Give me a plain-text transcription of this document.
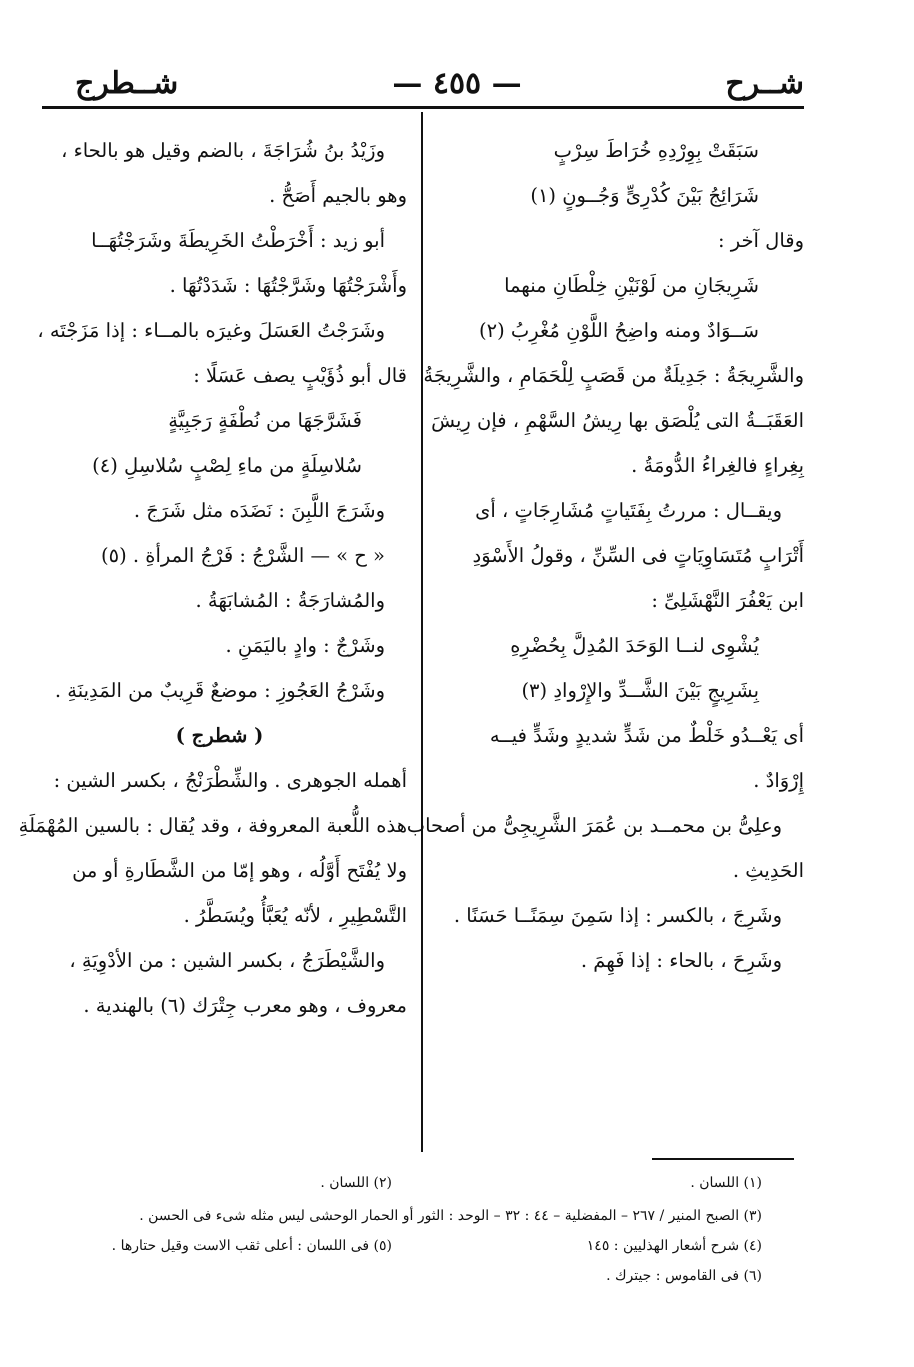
شــرح
— ٤٥٥ —
شــطرج
سَبَقَتْ بِوِرْدِهِ خُرَاطَ سِرْبٍ
شَرَائِجُ بَيْنَ كُدْرِىٍّ وَجُــونٍ (١)
وقال آخر :
شَرِيجَانِ من لَوْنَيْنِ خِلْطَانِ منهما
سَــوَادٌ ومنه واضِحُ اللَّوْنِ مُغْرِبُ (٢)
والشَّرِيجَةُ : جَدِيلَةٌ من قَصَبٍ لِلْحَمَامِ ، والشَّرِيجَةُ
العَقَبَــةُ التى يُلْصَق بها رِيشُ السَّهْمِ ، فإن رِيشَ
بِغِراءٍ فالغِراءُ الدُّومَةُ .
ويقــال : مررتُ بِفَتَياتٍ مُشَارِجَاتٍ ، أى
أَتْرَابٍ مُتَسَاوِيَاتٍ فى السِّنِّ ، وقولُ الأَسْوَدِ
ابن يَعْفُرَ النَّهْشَلِىِّ :
يُشْوِى لنــا الوَحَدَ المُدِلَّ بِحُضْرِهِ
بِشَرِيجٍ بَيْنَ الشَّــدِّ والإِرْوادِ (٣)
أى يَعْــدُو خَلْطٌ من شَدٍّ شديدٍ وشَدٍّ فيــه
إِرْوَادٌ .
وعلِىُّ بن محمــد بن عُمَرَ الشَّرِيجِىُّ من أصحاب
الحَدِيثِ .
وشَرِجَ ، بالكسر : إذا سَمِنَ سِمَنًــا حَسَنًا .
وشَرِحَ ، بالحاء : إذا فَهِمَ .
وزَيْدُ بنُ شُرَاجَةَ ، بالضم وقيل هو بالحاء ،
وهو بالجيم أَصَحُّ .
أبو زيد : أَخْرَطْتُ الخَرِيطَةَ وشَرَجْتُهَــا
وأَشْرَجْتُهَا وشَرَّجْتُهَا : شَدَدْتُهَا .
وشَرَجْتُ العَسَلَ وغيرَه بالمــاء : إذا مَزَجْتَه ،
قال أبو ذُؤَيْبٍ يصف عَسَلًا :
فَشَرَّجَهَا من نُطْفَةٍ رَجَبِيَّةٍ
سُلاسِلَةٍ من ماءِ لِصْبٍ سُلاسِلِ (٤)
وشَرَجَ اللَّبِنَ : نَضَدَه مثل شَرَجَ .
« ح » — الشَّرْجُ : فَرْجُ المرأةِ . (٥)
والمُشارَجَةُ : المُشابَهَةُ .
وشَرْجٌ : وادٍ باليَمَنِ .
وشَرْجُ العَجُوزِ : موضعٌ قَرِيبٌ من المَدِينَةِ .
( شطرج )
أهمله الجوهرى . والشِّطْرَنْجُ ، بكسر الشين :
هذه اللُّعبة المعروفة ، وقد يُقال : بالسين المُهْمَلَةِ
ولا يُفْتَح أَوَّلُه ، وهو إمّا من الشَّطَارةِ أو من
التَّسْطِيرِ ، لأنّه يُعَبَّأُ ويُسَطَّرُ .
والشَّيْطَرَجُ ، بكسر الشين : من الأدْوِيَةِ ،
معروف ، وهو معرب جِتْرَك (٦) بالهندية .
(١) اللسان .
(٢) اللسان .
(٣) الصبح المنير / ٢٦٧ – المفضلية – ٤٤ : ٣٢ – الوحد : الثور أو الحمار الوحشى ليس مثله شىء فى الحسن .
(٤) شرح أشعار الهذليين : ١٤٥
(٥) فى اللسان : أعلى ثقب الاست وقيل حتارها .
(٦) فى القاموس : جيترك .
